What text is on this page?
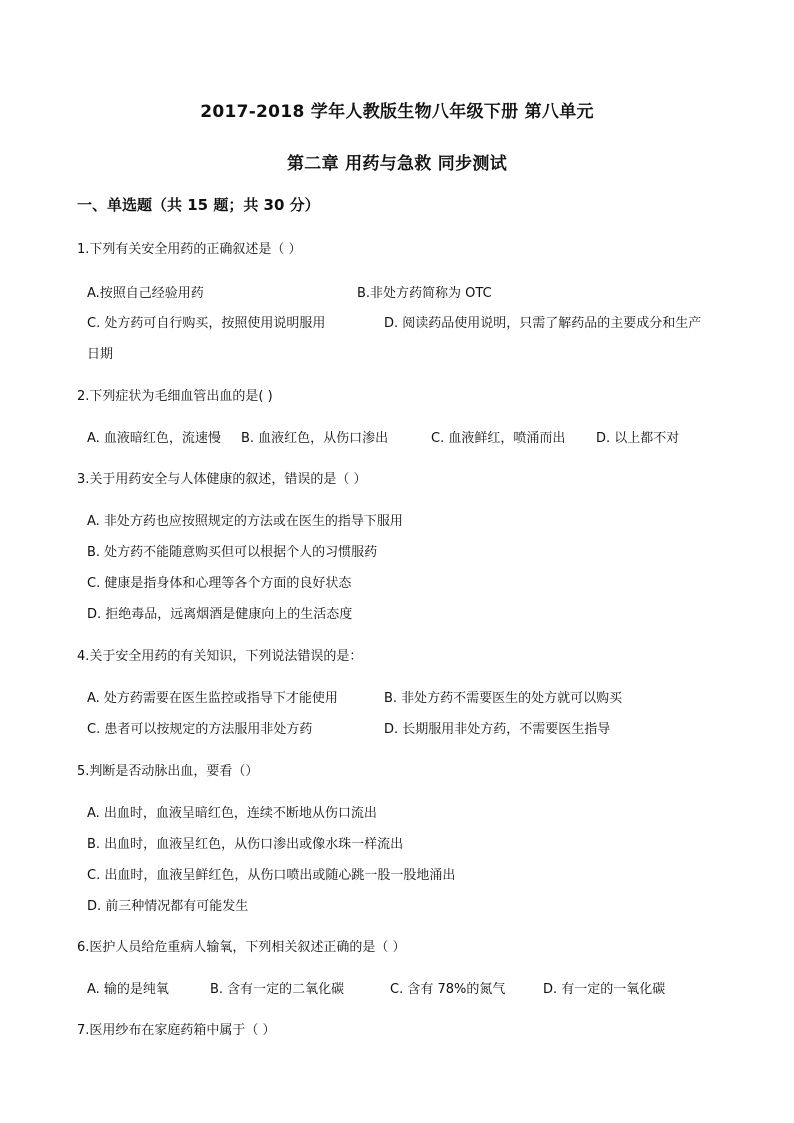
2017-2018 学年人教版生物八年级下册 第八单元
第二章 用药与急救 同步测试
一、单选题（共 15 题；共 30 分）
1.下列有关安全用药的正确叙述是（ ）
A.按照自己经验用药	B.非处方药简称为 OTC
C. 处方药可自行购买，按照使用说明服用	D. 阅读药品使用说明，只需了解药品的主要成分和生产
日期
2.下列症状为毛细血管出血的是( )
A. 血液暗红色，流速慢 B. 血液红色，从伤口渗出	C. 血液鲜红，喷涌而出 D. 以上都不对
3.关于用药安全与人体健康的叙述，错误的是（ ）
A. 非处方药也应按照规定的方法或在医生的指导下服用
B. 处方药不能随意购买但可以根据个人的习惯服药
C. 健康是指身体和心理等各个方面的良好状态
D. 拒绝毒品，远离烟酒是健康向上的生活态度
4.关于安全用药的有关知识，下列说法错误的是：
A. 处方药需要在医生监控或指导下才能使用	B. 非处方药不需要医生的处方就可以购买
C. 患者可以按规定的方法服用非处方药	D. 长期服用非处方药，不需要医生指导
5.判断是否动脉出血，要看（）
A. 出血时，血液呈暗红色，连续不断地从伤口流出
B. 出血时，血液呈红色，从伤口渗出或像水珠一样流出
C. 出血时，血液呈鲜红色，从伤口喷出或随心跳一股一股地涌出
D. 前三种情况都有可能发生
6.医护人员给危重病人输氧，下列相关叙述正确的是（ ）
A. 输的是纯氧	B. 含有一定的二氧化碳	C. 含有 78%的氮气	D. 有一定的一氧化碳
7.医用纱布在家庭药箱中属于（ ）
